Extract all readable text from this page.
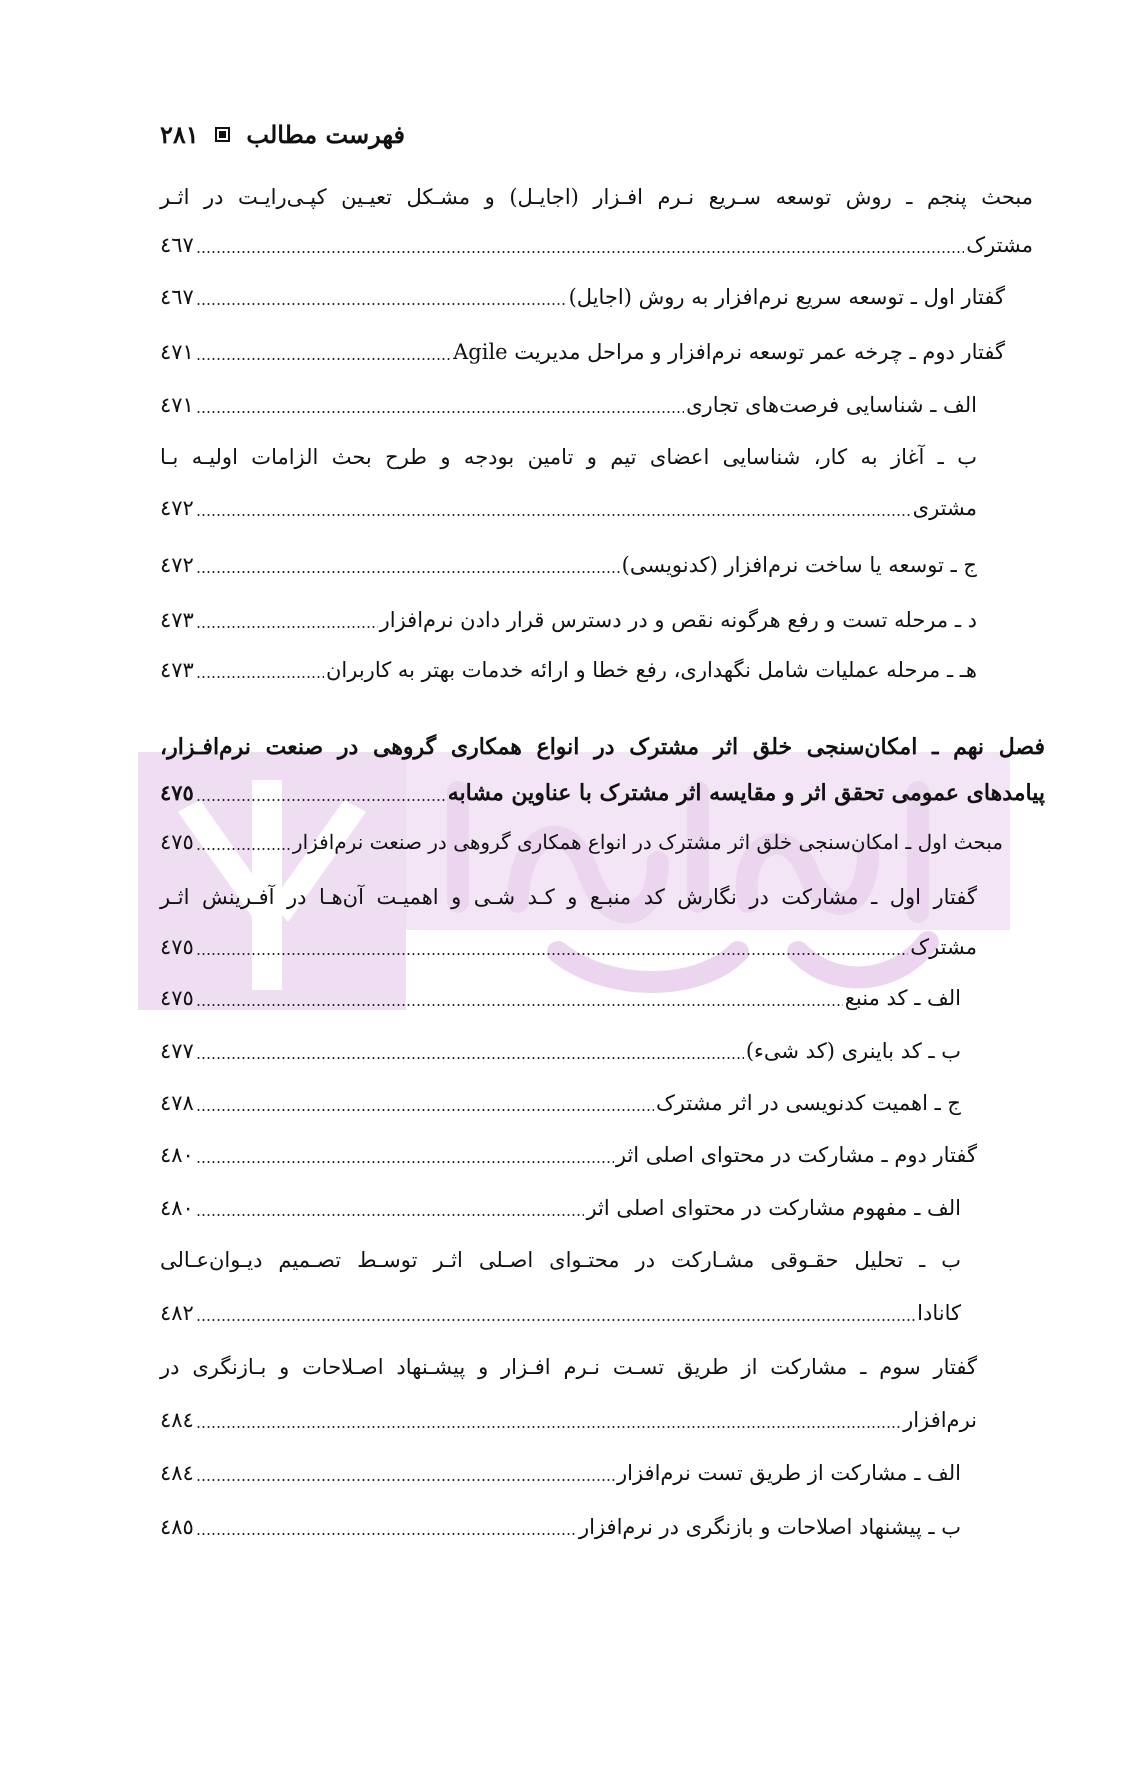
فهرست مطالب  ۲۸۱
مبحث پنجم ـ روش توسعه سـریع نـرم افـزار (اجایـل) و مشـکل تعیـین کپـی‌رایـت در اثـر
مشترک
٤٦٧
گفتار اول ـ توسعه سریع نرم‌افزار به روش (اجایل)
٤٦٧
گفتار دوم ـ چرخه عمر توسعه نرم‌افزار و مراحل مدیریت Agile
٤٧١
الف ـ شناسایی فرصت‌های تجاری
٤٧١
ب ـ آغاز به کار، شناسایی اعضای تیم و تامین بودجه و طرح بحث الزامات اولیـه بـا
مشتری
٤٧٢
ج ـ توسعه یا ساخت نرم‌افزار (کدنویسی)
٤٧٢
د ـ مرحله تست و رفع هرگونه نقص و در دسترس قرار دادن نرم‌افزار
٤٧٣
هـ ـ مرحله عملیات شامل نگهداری، رفع خطا و ارائه خدمات بهتر به کاربران
٤٧٣
فصل نهم ـ امکان‌سنجی خلق اثر مشترک در انواع همکاری گروهی در صنعت نرم‌افـزار،
پیامدهای عمومی تحقق اثر و مقایسه اثر مشترک با عناوین مشابه
٤٧٥
مبحث اول ـ امکان‌سنجی خلق اثر مشترک در انواع همکاری گروهی در صنعت نرم‌افزار
٤٧٥
گفتار اول ـ مشارکت در نگارش کد منبـع و کـد شـی و اهمیـت آن‌هـا در آفـرینش اثـر
مشترک
٤٧٥
الف ـ کد منبع
٤٧٥
ب ـ کد باینری (کد شیء)
٤٧٧
ج ـ اهمیت کدنویسی در اثر مشترک
٤٧٨
گفتار دوم ـ مشارکت در محتوای اصلی اثر
٤٨٠
الف ـ مفهوم مشارکت در محتوای اصلی اثر
٤٨٠
ب ـ تحلیل حقـوقی مشـارکت در محتـوای اصـلی اثـر توسـط تصـمیم دیـوان‌عـالی
کانادا
٤٨٢
گفتار سوم ـ مشارکت از طریق تسـت نـرم افـزار و پیشـنهاد اصـلاحات و بـازنگری در
نرم‌افزار
٤٨٤
الف ـ مشارکت از طریق تست نرم‌افزار
٤٨٤
ب ـ پیشنهاد اصلاحات و بازنگری در نرم‌افزار
٤٨٥
